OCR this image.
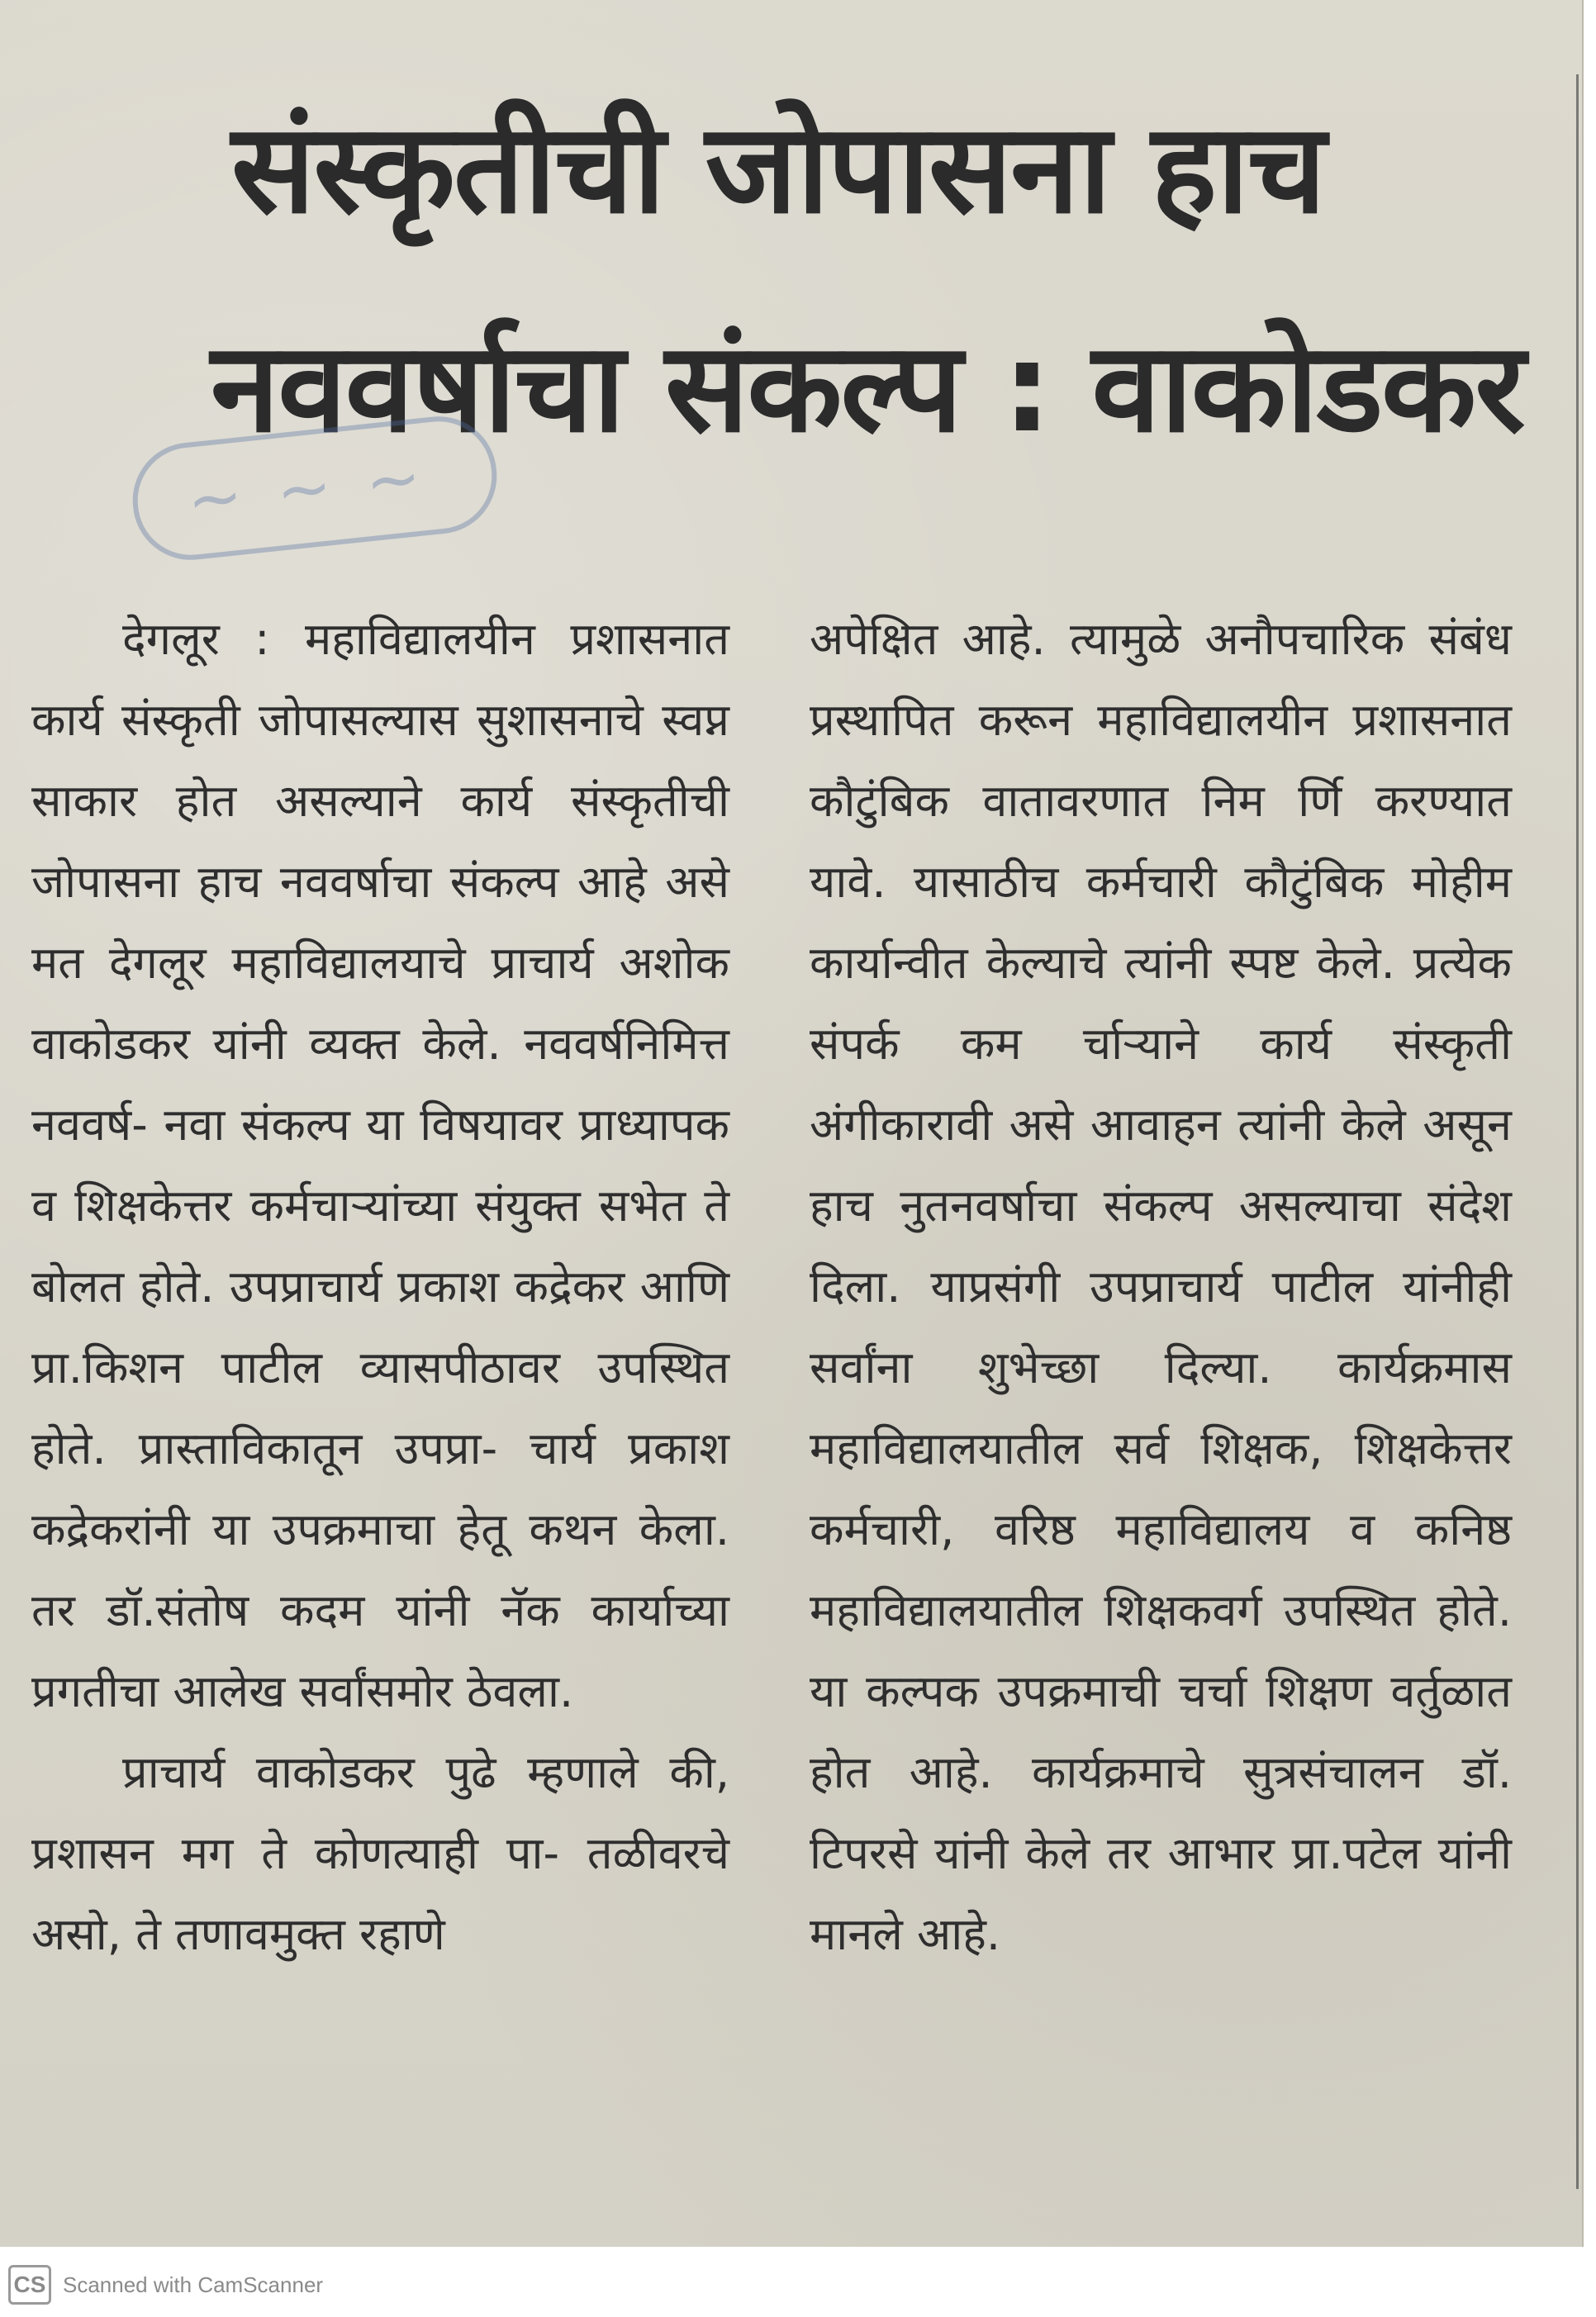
संस्कृतीची जोपासना हाच
नववर्षाचा संकल्प : वाकोडकर
~ ~ ~

देगलूर : महाविद्यालयीन प्रशासनात कार्य संस्कृती जोपासल्यास सुशासनाचे स्वप्न साकार होत असल्याने कार्य संस्कृतीची जोपासना हाच नववर्षाचा संकल्प आहे असे मत देगलूर महाविद्यालयाचे प्राचार्य अशोक वाकोडकर यांनी व्यक्त केले. नववर्षनिमित्त नववर्ष- नवा संकल्प या विषयावर प्राध्यापक व शिक्षकेत्तर कर्मचाऱ्यांच्या संयुक्त सभेत ते बोलत होते. उपप्राचार्य प्रकाश कद्रेकर आणि प्रा.किशन पाटील व्यासपीठावर उपस्थित होते. प्रास्ताविकातून उपप्रा- चार्य प्रकाश कद्रेकरांनी या उपक्रमाचा हेतू कथन केला. तर डॉ.संतोष कदम यांनी नॅक कार्याच्या प्रगतीचा आलेख सर्वांसमोर ठेवला.

प्राचार्य वाकोडकर पुढे म्हणाले की, प्रशासन मग ते कोणत्याही पा- तळीवरचे असो, ते तणावमुक्त रहाणे

अपेक्षित आहे. त्यामुळे अनौपचारिक संबंध प्रस्थापित करून महाविद्यालयीन प्रशासनात कौटुंबिक वातावरणात निम र्णि करण्यात यावे. यासाठीच कर्मचारी कौटुंबिक मोहीम कार्यान्वीत केल्याचे त्यांनी स्पष्ट केले. प्रत्येक संपर्क कम र्चाऱ्याने कार्य संस्कृती अंगीकारावी असे आवाहन त्यांनी केले असून हाच नुतनवर्षाचा संकल्प असल्याचा संदेश दिला. याप्रसंगी उपप्राचार्य पाटील यांनीही सर्वांना शुभेच्छा दिल्या. कार्यक्रमास महाविद्यालयातील सर्व शिक्षक, शिक्षकेत्तर कर्मचारी, वरिष्ठ महाविद्यालय व कनिष्ठ महाविद्यालयातील शिक्षकवर्ग उपस्थित होते. या कल्पक उपक्रमाची चर्चा शिक्षण वर्तुळात होत आहे. कार्यक्रमाचे सुत्रसंचालन डॉ. टिपरसे यांनी केले तर आभार प्रा.पटेल यांनी मानले आहे.

CS Scanned with CamScanner
